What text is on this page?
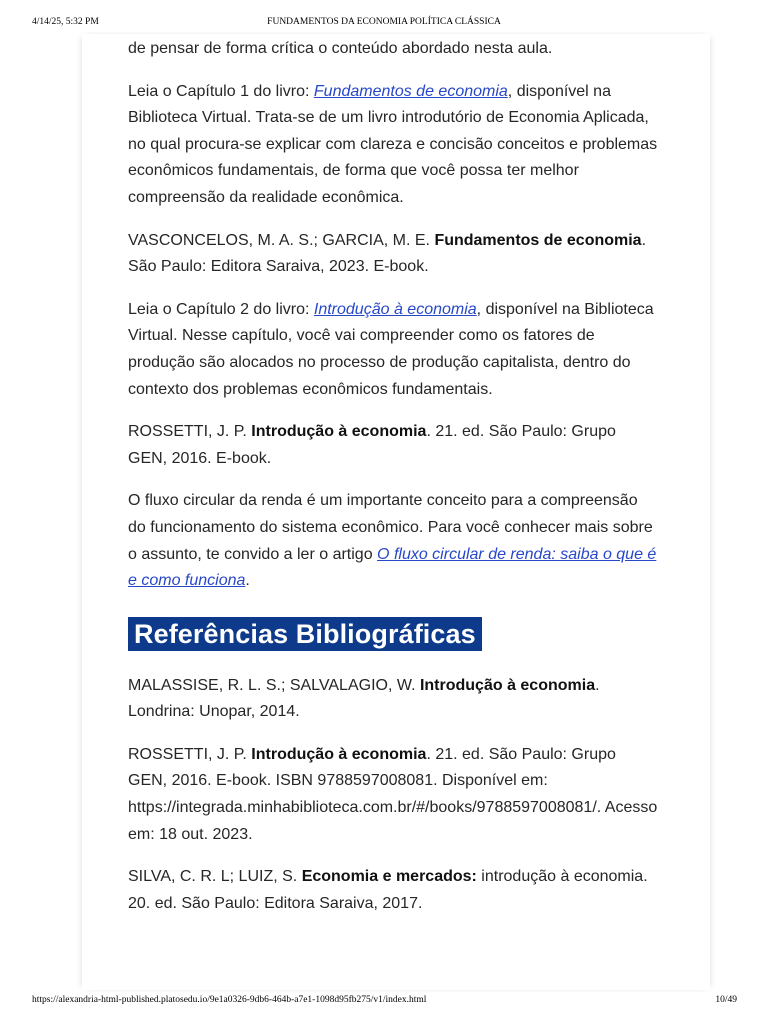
4/14/25, 5:32 PM	FUNDAMENTOS DA ECONOMIA POLÍTICA CLÁSSICA

de pensar de forma crítica o conteúdo abordado nesta aula.

Leia o Capítulo 1 do livro: Fundamentos de economia, disponível na Biblioteca Virtual. Trata-se de um livro introdutório de Economia Aplicada, no qual procura-se explicar com clareza e concisão conceitos e problemas econômicos fundamentais, de forma que você possa ter melhor compreensão da realidade econômica.

VASCONCELOS, M. A. S.; GARCIA, M. E. Fundamentos de economia. São Paulo: Editora Saraiva, 2023. E-book.

Leia o Capítulo 2 do livro: Introdução à economia, disponível na Biblioteca Virtual. Nesse capítulo, você vai compreender como os fatores de produção são alocados no processo de produção capitalista, dentro do contexto dos problemas econômicos fundamentais.

ROSSETTI, J. P. Introdução à economia. 21. ed. São Paulo: Grupo GEN, 2016. E-book.

O fluxo circular da renda é um importante conceito para a compreensão do funcionamento do sistema econômico. Para você conhecer mais sobre o assunto, te convido a ler o artigo O fluxo circular de renda: saiba o que é e como funciona.

Referências Bibliográficas

MALASSISE, R. L. S.; SALVALAGIO, W. Introdução à economia. Londrina: Unopar, 2014.

ROSSETTI, J. P. Introdução à economia. 21. ed. São Paulo: Grupo GEN, 2016. E-book. ISBN 9788597008081. Disponível em: https://integrada.minhabiblioteca.com.br/#/books/9788597008081/. Acesso em: 18 out. 2023.

SILVA, C. R. L; LUIZ, S. Economia e mercados: introdução à economia. 20. ed. São Paulo: Editora Saraiva, 2017.

https://alexandria-html-published.platosedu.io/9e1a0326-9db6-464b-a7e1-1098d95fb275/v1/index.html	10/49
